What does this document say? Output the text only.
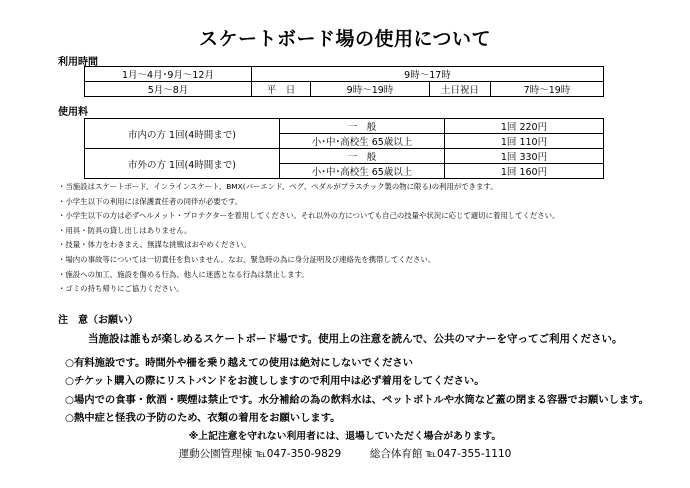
スケートボード場の使用について
利用時間
1月～4月･9月～12月	9時～17時			
5月～8月	平　日	9時～19時	土日祝日	7時～19時
使用料
市内の方 1回(4時間まで)	一　般	1回 220円
	小･中･高校生 65歳以上	1回 110円
市外の方 1回(4時間まで)	一　般	1回 330円
	小･中･高校生 65歳以上	1回 160円
・当施設はスケートボード、インラインスケート、BMX(バーエンド、ペグ、ペダルがプラスチック製の物に限る)の利用ができます。
・小学生以下の利用には保護責任者の同伴が必要です。
・小学生以下の方は必ずヘルメット・プロテクターを着用してください。それ以外の方についても自己の技量や状況に応じて適切に着用してください。
・用具・防具の貸し出しはありません。
・技量・体力をわきまえ、無謀な挑戦はおやめください。
・場内の事故等については一切責任を負いません。なお、緊急時の為に身分証明及び連絡先を携帯してください。
・施設への加工、施設を傷める行為、他人に迷惑となる行為は禁止します。
・ゴミの持ち帰りにご協力ください。
注　意（お願い）
当施設は誰もが楽しめるスケートボード場です。使用上の注意を読んで、公共のマナーを守ってご利用ください。
○有料施設です。時間外や柵を乗り越えての使用は絶対にしないでください
○チケット購入の際にリストバンドをお渡ししますので利用中は必ず着用をしてください。
○場内での食事・飲酒・喫煙は禁止です。水分補給の為の飲料水は、ペットボトルや水筒など蓋の閉まる容器でお願いします。
○熱中症と怪我の予防のため、衣類の着用をお願いします。
※上記注意を守れない利用者には、退場していただく場合があります。
運動公園管理棟 ℡047-350-9829	総合体育館 ℡047-355-1110
